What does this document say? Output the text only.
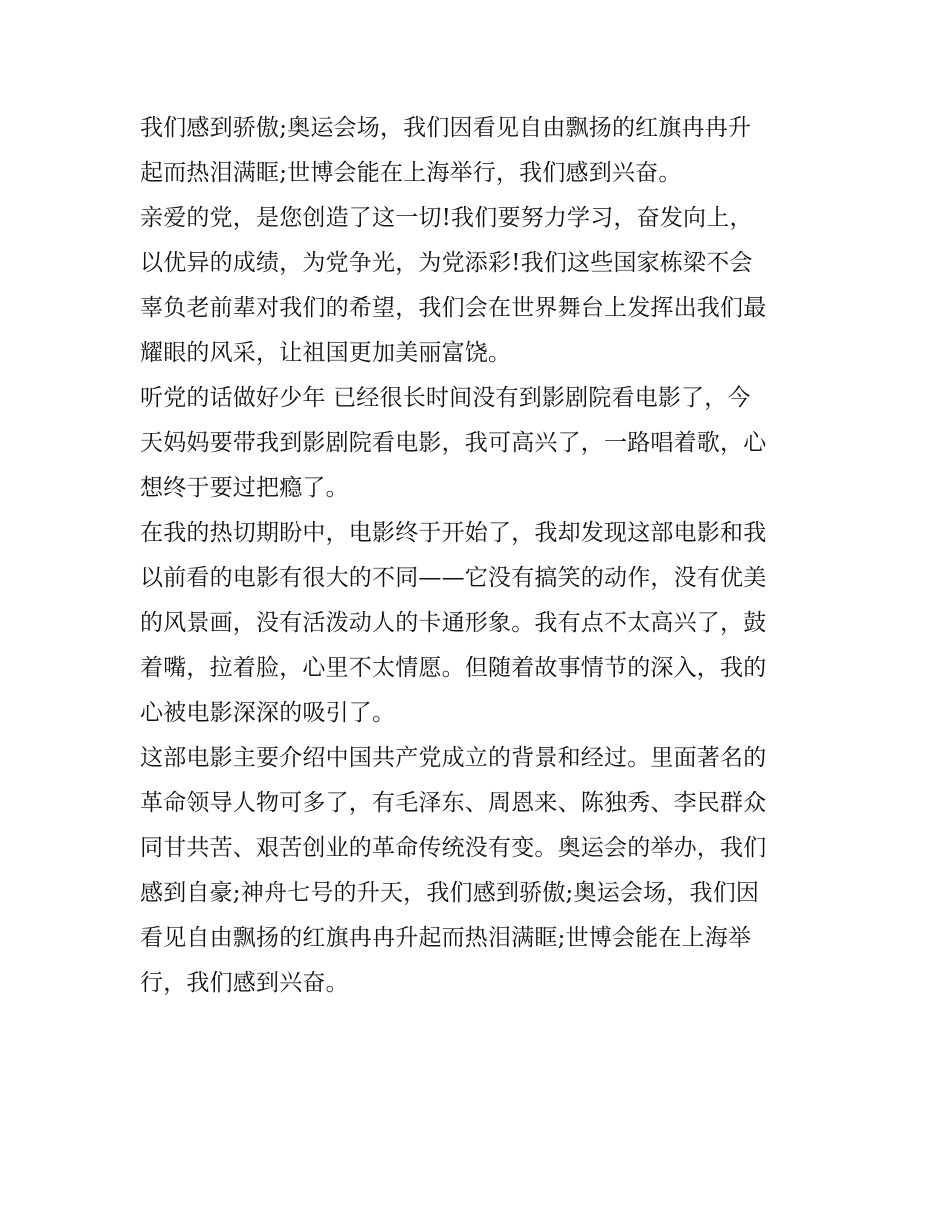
我们感到骄傲;奥运会场，我们因看见自由飘扬的红旗冉冉升
起而热泪满眶;世博会能在上海举行，我们感到兴奋。

亲爱的党，是您创造了这一切!我们要努力学习，奋发向上，
以优异的成绩，为党争光，为党添彩!我们这些国家栋梁不会
辜负老前辈对我们的希望，我们会在世界舞台上发挥出我们最
耀眼的风采，让祖国更加美丽富饶。

听党的话做好少年 已经很长时间没有到影剧院看电影了，今
天妈妈要带我到影剧院看电影，我可高兴了，一路唱着歌，心
想终于要过把瘾了。

在我的热切期盼中，电影终于开始了，我却发现这部电影和我
以前看的电影有很大的不同——它没有搞笑的动作，没有优美
的风景画，没有活泼动人的卡通形象。我有点不太高兴了，鼓
着嘴，拉着脸，心里不太情愿。但随着故事情节的深入，我的
心被电影深深的吸引了。

这部电影主要介绍中国共产党成立的背景和经过。里面著名的
革命领导人物可多了，有毛泽东、周恩来、陈独秀、李民群众
同甘共苦、艰苦创业的革命传统没有变。奥运会的举办，我们
感到自豪;神舟七号的升天，我们感到骄傲;奥运会场，我们因
看见自由飘扬的红旗冉冉升起而热泪满眶;世博会能在上海举
行，我们感到兴奋。
